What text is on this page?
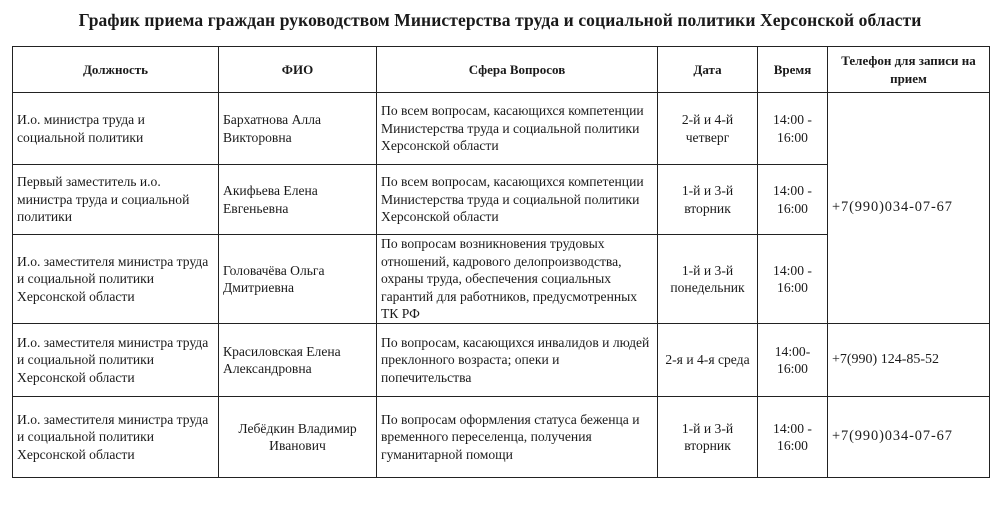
График приема граждан руководством Министерства труда и социальной политики Херсонской области
Должность	ФИО	Сфера Вопросов	Дата	Время	Телефон для записи на прием
И.о. министра труда и социальной политики	Бархатнова Алла Викторовна	По всем вопросам, касающихся компетенции Министерства труда и социальной политики Херсонской области	2-й и 4-й четверг	14:00 - 16:00	+7(990)034-07-67
Первый заместитель и.о. министра труда и социальной политики	Акифьева Елена Евгеньевна	По всем вопросам, касающихся компетенции Министерства труда и социальной политики Херсонской области	1-й и 3-й вторник	14:00 - 16:00	
И.о. заместителя министра труда и социальной политики Херсонской области	Головачёва Ольга Дмитриевна	По вопросам возникновения трудовых отношений, кадрового делопроизводства, охраны труда, обеспечения социальных гарантий для работников, предусмотренных ТК РФ	1-й и 3-й понедельник	14:00 - 16:00	
И.о. заместителя министра труда и социальной политики Херсонской области	Красиловская Елена Александровна	По вопросам, касающихся инвалидов и людей преклонного возраста; опеки и попечительства	2-я и 4-я среда	14:00- 16:00	+7(990) 124-85-52
И.о. заместителя министра труда и социальной политики Херсонской области	Лебёдкин Владимир Иванович	По вопросам оформления статуса беженца и временного переселенца, получения гуманитарной помощи	1-й и 3-й вторник	14:00 - 16:00	+7(990)034-07-67
